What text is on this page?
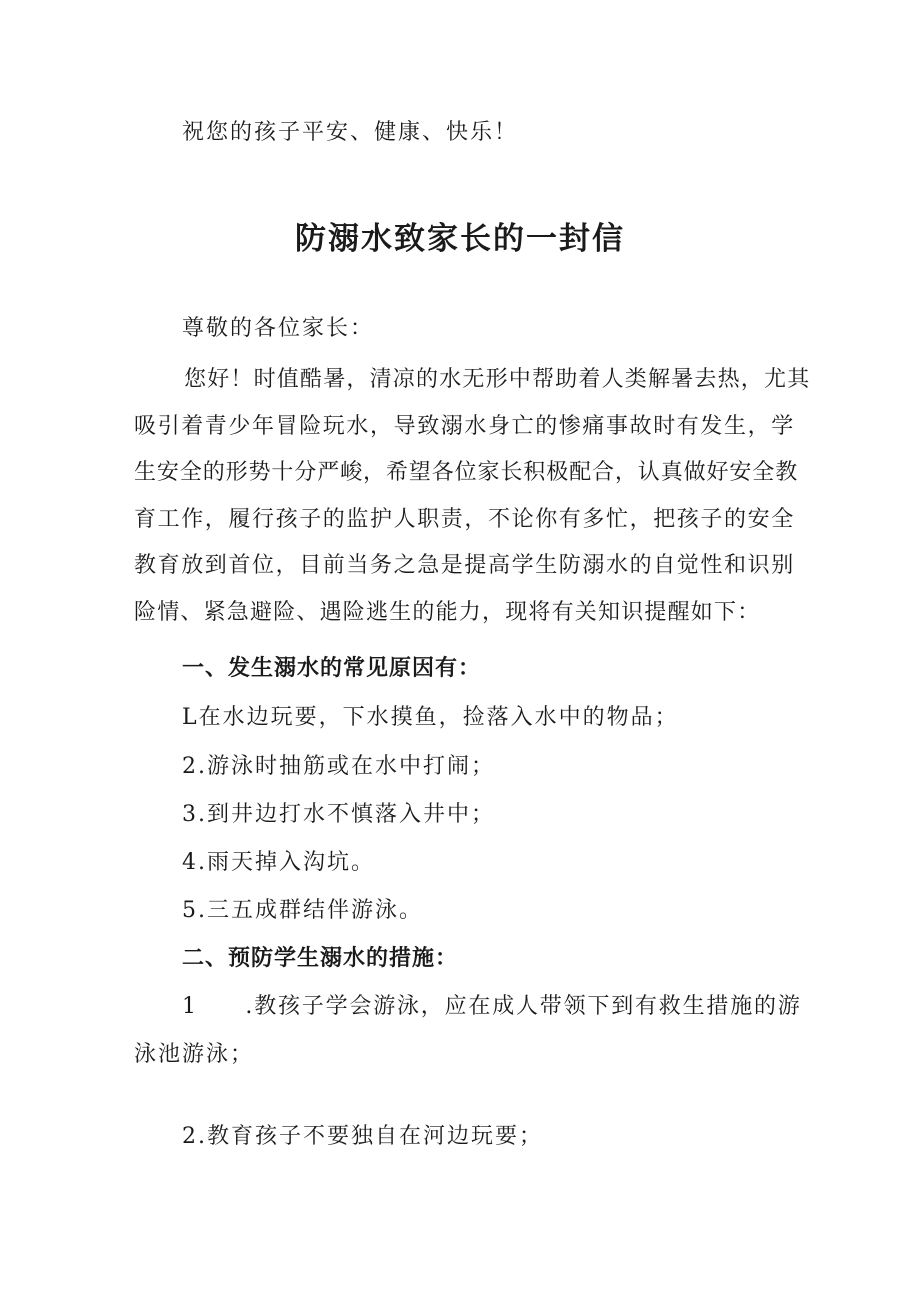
祝您的孩子平安、健康、快乐！
防溺水致家长的一封信
尊敬的各位家长：
您好！时值酷暑，清凉的水无形中帮助着人类解暑去热，尤其
吸引着青少年冒险玩水，导致溺水身亡的惨痛事故时有发生，学
生安全的形势十分严峻，希望各位家长积极配合，认真做好安全教
育工作，履行孩子的监护人职责，不论你有多忙，把孩子的安全
教育放到首位，目前当务之急是提高学生防溺水的自觉性和识别
险情、紧急避险、遇险逃生的能力，现将有关知识提醒如下：
一、发生溺水的常见原因有：
L在水边玩要，下水摸鱼，捡落入水中的物品；
2.游泳时抽筋或在水中打闹；
3.到井边打水不慎落入井中；
4.雨天掉入沟坑。
5.三五成群结伴游泳。
二、预防学生溺水的措施：
1　　.教孩子学会游泳，应在成人带领下到有救生措施的游
泳池游泳；
2.教育孩子不要独自在河边玩要；
